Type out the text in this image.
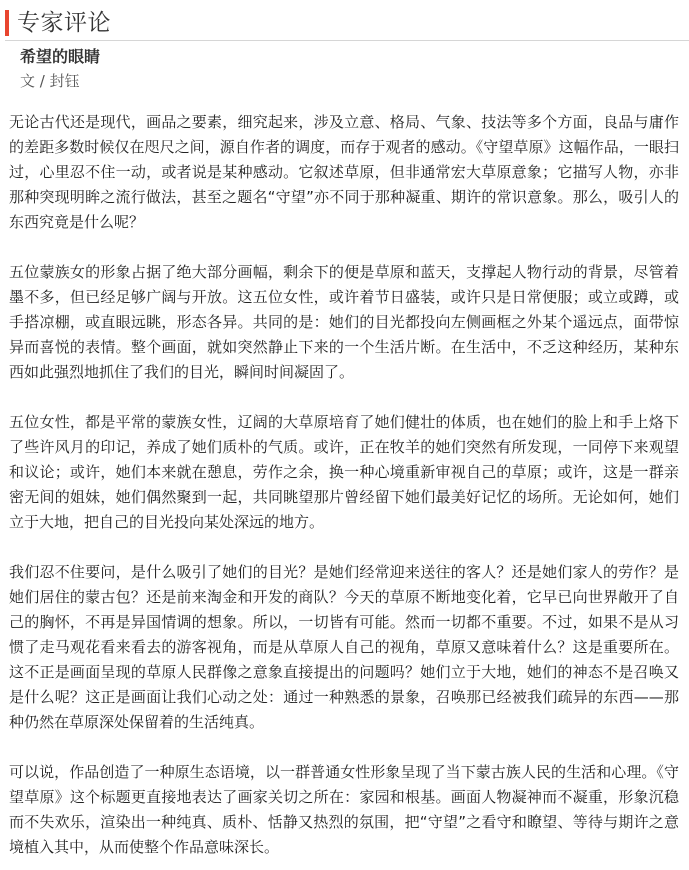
专家评论
希望的眼睛
文 / 封钰

无论古代还是现代，画品之要素，细究起来，涉及立意、格局、气象、技法等多个方面，良品与庸作的差距多数时候仅在咫尺之间，源自作者的调度，而存于观者的感动。《守望草原》这幅作品，一眼扫过，心里忍不住一动，或者说是某种感动。它叙述草原，但非通常宏大草原意象；它描写人物，亦非那种突现明眸之流行做法，甚至之题名“守望”亦不同于那种凝重、期许的常识意象。那么，吸引人的东西究竟是什么呢？

五位蒙族女的形象占据了绝大部分画幅，剩余下的便是草原和蓝天，支撑起人物行动的背景，尽管着墨不多，但已经足够广阔与开放。这五位女性，或许着节日盛装，或许只是日常便服；或立或蹲，或手搭凉棚，或直眼远眺，形态各异。共同的是：她们的目光都投向左侧画框之外某个遥远点，面带惊异而喜悦的表情。整个画面，就如突然静止下来的一个生活片断。在生活中，不乏这种经历，某种东西如此强烈地抓住了我们的目光，瞬间时间凝固了。

五位女性，都是平常的蒙族女性，辽阔的大草原培育了她们健壮的体质，也在她们的脸上和手上烙下了些许风月的印记，养成了她们质朴的气质。或许，正在牧羊的她们突然有所发现，一同停下来观望和议论；或许，她们本来就在憩息，劳作之余，换一种心境重新审视自己的草原；或许，这是一群亲密无间的姐妹，她们偶然聚到一起，共同眺望那片曾经留下她们最美好记忆的场所。无论如何，她们立于大地，把自己的目光投向某处深远的地方。

我们忍不住要问，是什么吸引了她们的目光？是她们经常迎来送往的客人？还是她们家人的劳作？是她们居住的蒙古包？还是前来淘金和开发的商队？今天的草原不断地变化着，它早已向世界敞开了自己的胸怀，不再是异国情调的想象。所以，一切皆有可能。然而一切都不重要。不过，如果不是从习惯了走马观花看来看去的游客视角，而是从草原人自己的视角，草原又意味着什么？这是重要所在。这不正是画面呈现的草原人民群像之意象直接提出的问题吗？她们立于大地，她们的神态不是召唤又是什么呢？这正是画面让我们心动之处：通过一种熟悉的景象，召唤那已经被我们疏异的东西——那种仍然在草原深处保留着的生活纯真。

可以说，作品创造了一种原生态语境，以一群普通女性形象呈现了当下蒙古族人民的生活和心理。《守望草原》这个标题更直接地表达了画家关切之所在：家园和根基。画面人物凝神而不凝重，形象沉稳而不失欢乐，渲染出一种纯真、质朴、恬静又热烈的氛围，把“守望”之看守和瞭望、等待与期许之意境植入其中，从而使整个作品意味深长。
